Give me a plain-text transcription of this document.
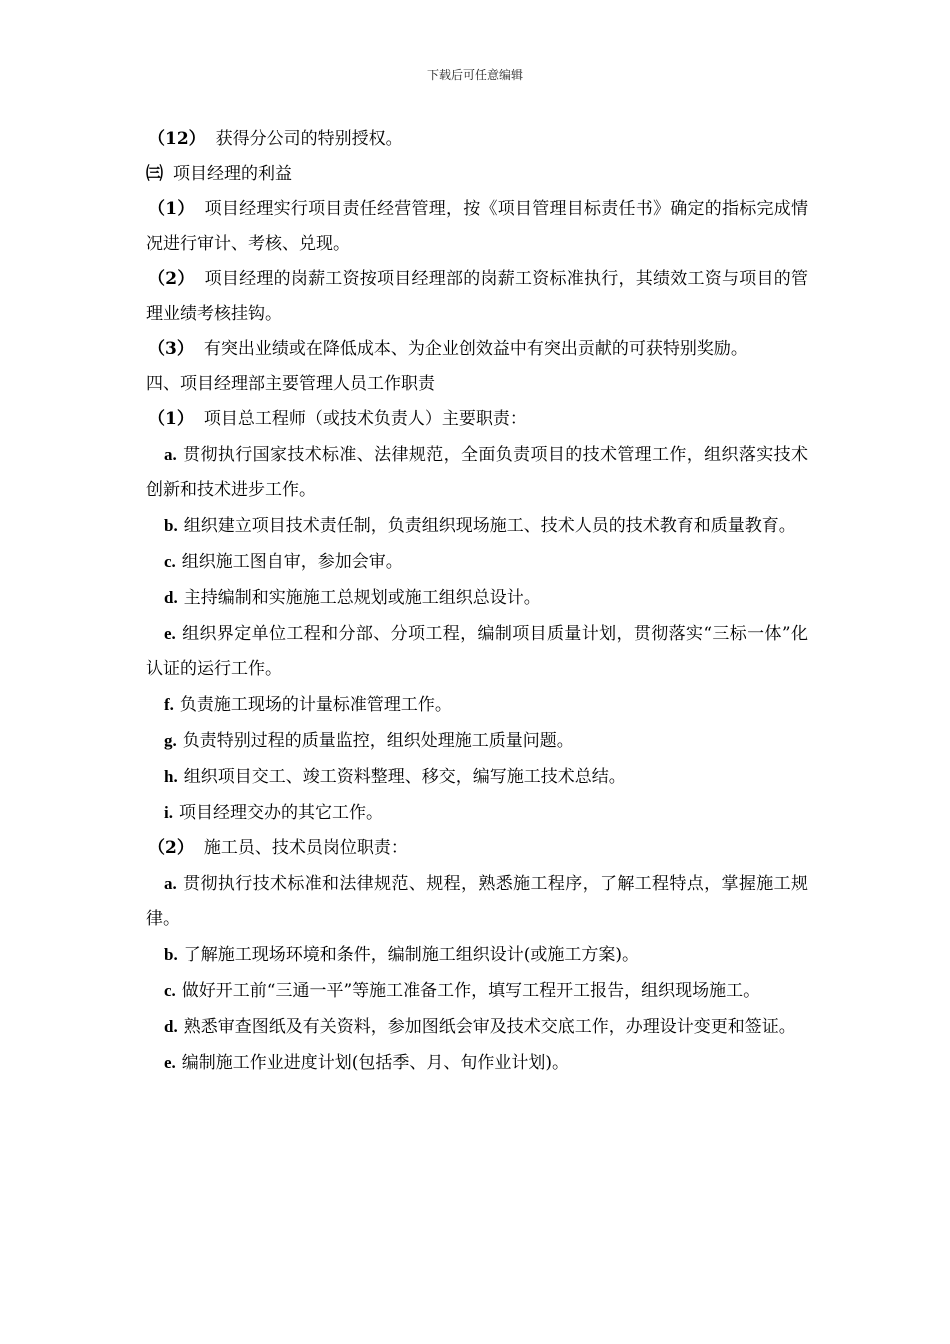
下载后可任意编辑

（12） 获得分公司的特别授权。

㈢ 项目经理的利益

（1） 项目经理实行项目责任经营管理，按《项目管理目标责任书》确定的指标完成情况进行审计、考核、兑现。

（2） 项目经理的岗薪工资按项目经理部的岗薪工资标准执行，其绩效工资与项目的管理业绩考核挂钩。

（3） 有突出业绩或在降低成本、为企业创效益中有突出贡献的可获特别奖励。

四、项目经理部主要管理人员工作职责

（1） 项目总工程师（或技术负责人）主要职责：

a. 贯彻执行国家技术标准、法律规范，全面负责项目的技术管理工作，组织落实技术创新和技术进步工作。

b. 组织建立项目技术责任制，负责组织现场施工、技术人员的技术教育和质量教育。

c. 组织施工图自审，参加会审。

d. 主持编制和实施施工总规划或施工组织总设计。

e. 组织界定单位工程和分部、分项工程，编制项目质量计划，贯彻落实“三标一体”化认证的运行工作。

f. 负责施工现场的计量标准管理工作。

g. 负责特别过程的质量监控，组织处理施工质量问题。

h. 组织项目交工、竣工资料整理、移交，编写施工技术总结。

i. 项目经理交办的其它工作。

（2） 施工员、技术员岗位职责：

a. 贯彻执行技术标准和法律规范、规程，熟悉施工程序，了解工程特点，掌握施工规律。

b. 了解施工现场环境和条件，编制施工组织设计(或施工方案)。

c. 做好开工前“三通一平”等施工准备工作，填写工程开工报告，组织现场施工。

d. 熟悉审查图纸及有关资料，参加图纸会审及技术交底工作，办理设计变更和签证。

e. 编制施工作业进度计划(包括季、月、旬作业计划)。
